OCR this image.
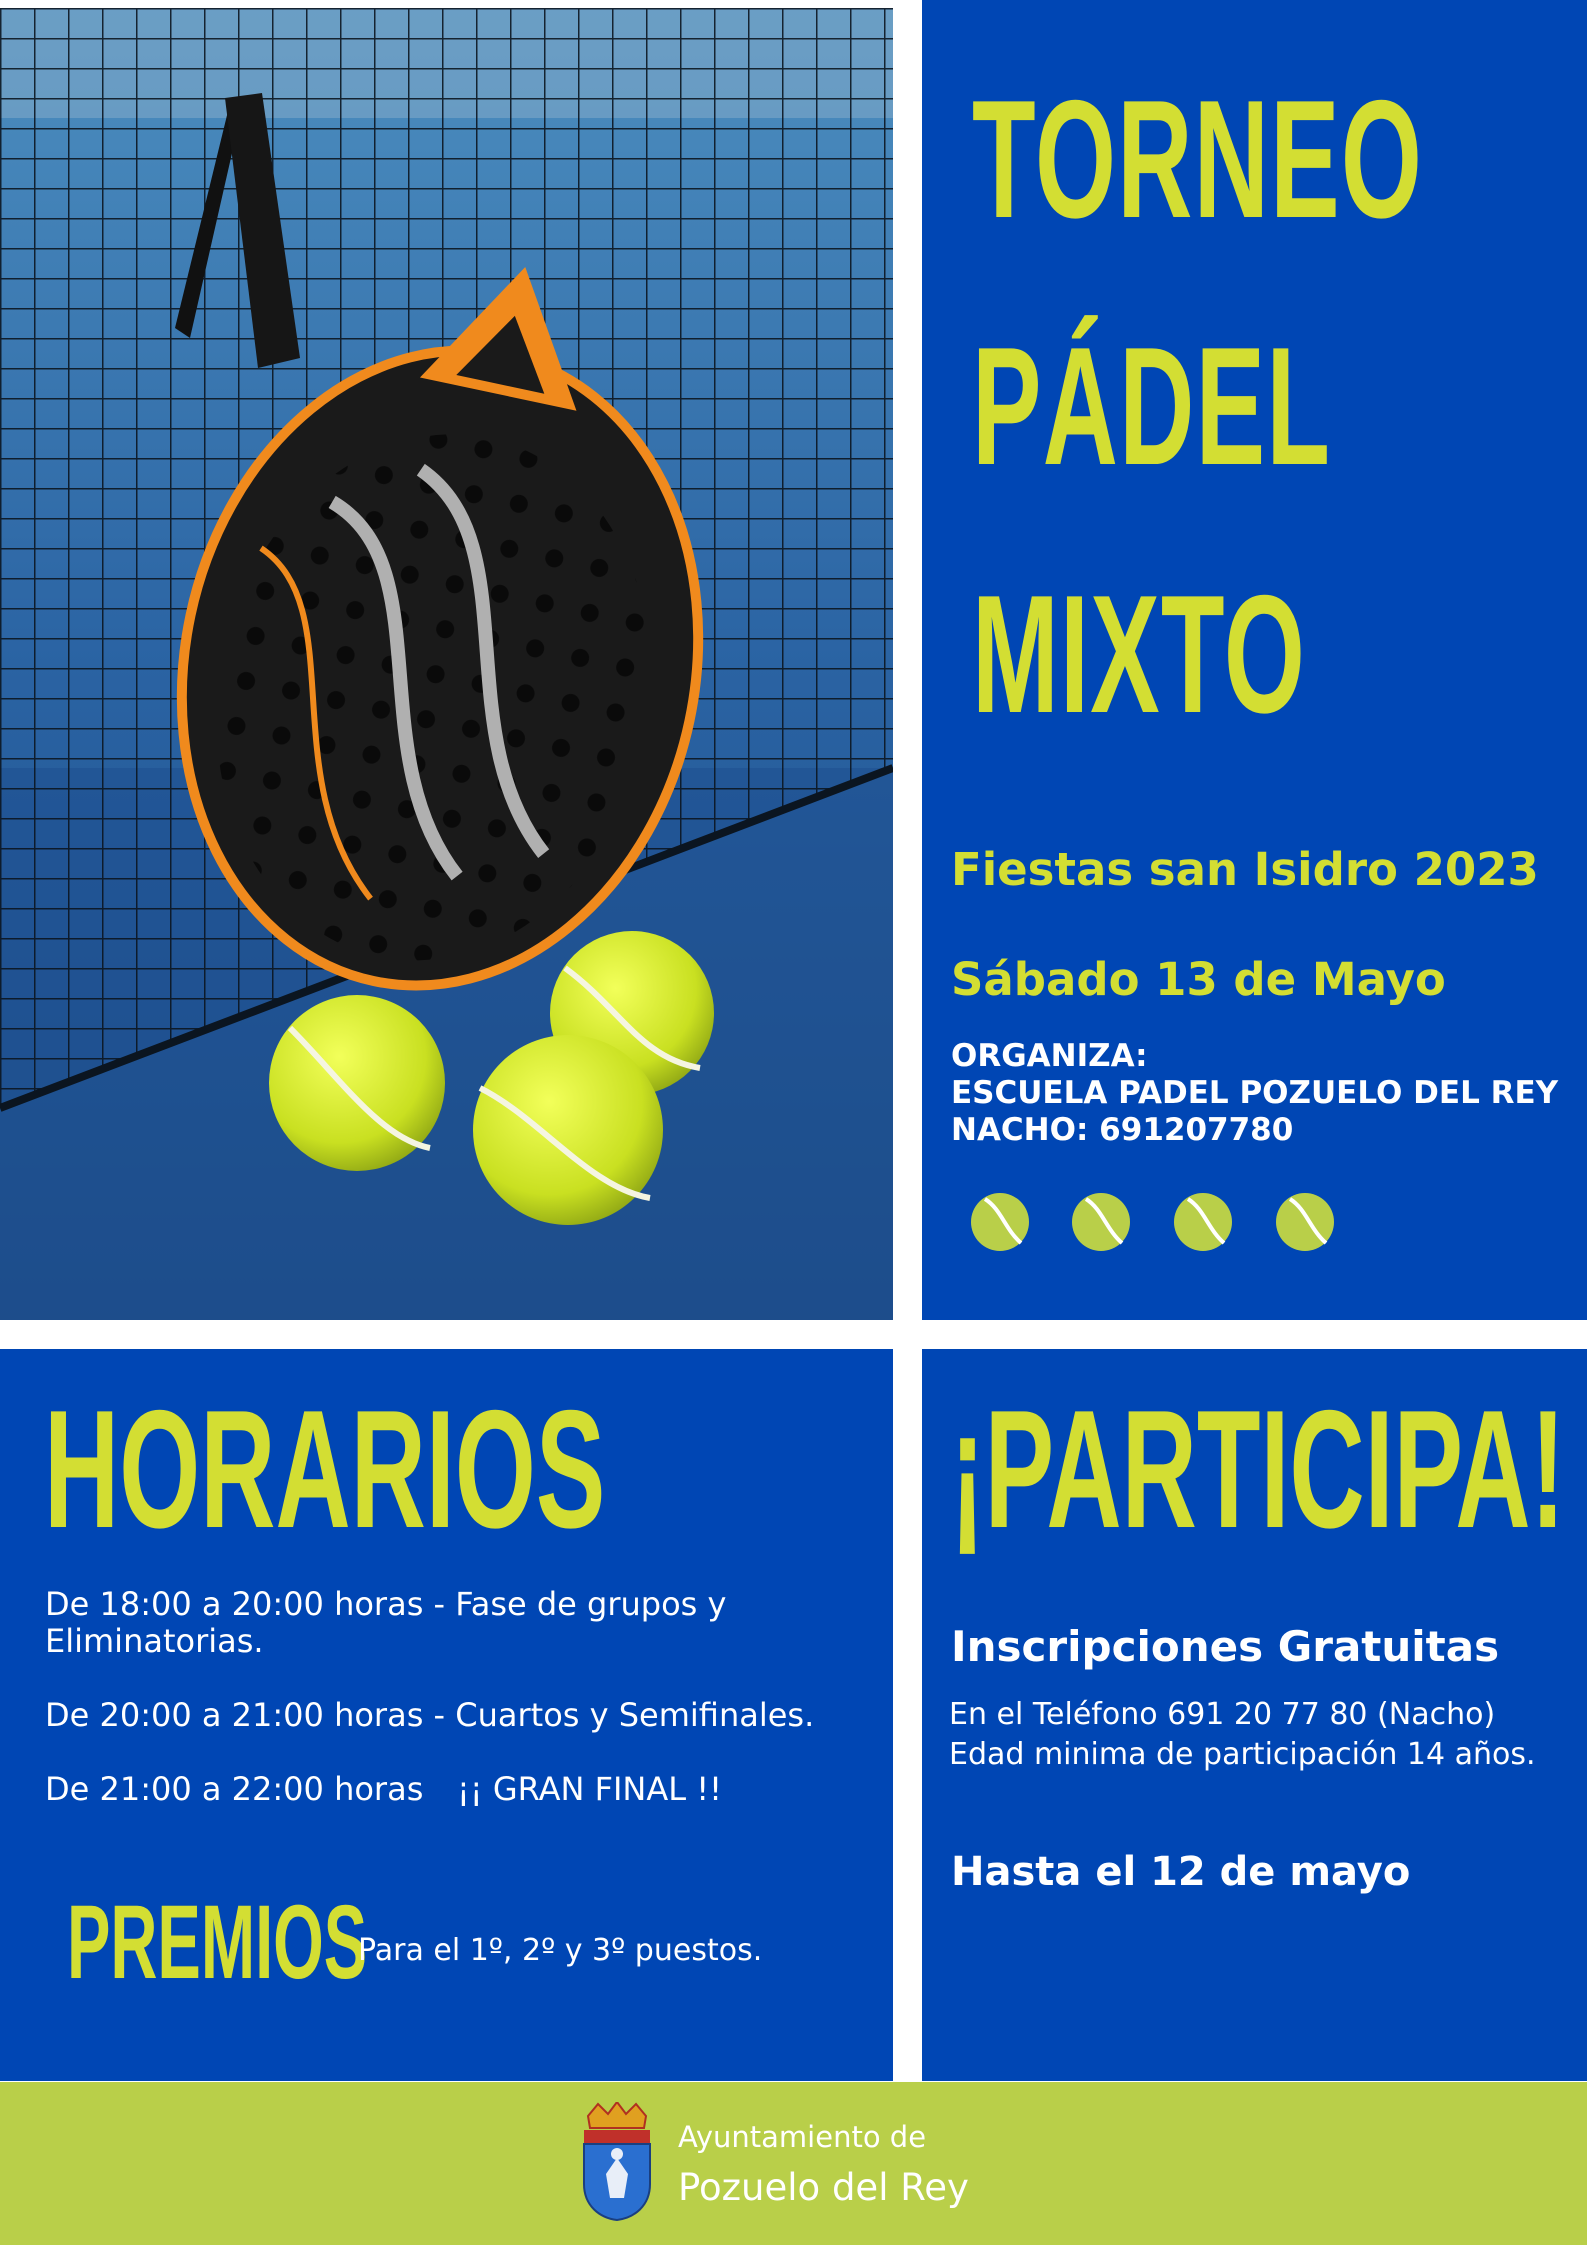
TORNEO
PÁDEL
MIXTO
Fiestas san Isidro 2023
Sábado 13 de Mayo
ORGANIZA:
ESCUELA PADEL POZUELO DEL REY
NACHO: 691207780
HORARIOS
De 18:00 a 20:00 horas - Fase de grupos y
Eliminatorias.
De 20:00 a 21:00 horas - Cuartos y Semifinales.
De 21:00 a 22:00 horas ¡¡ GRAN FINAL !!
PREMIOS
Para el 1º, 2º y 3º puestos.
¡PARTICIPA!
Inscripciones Gratuitas
En el Teléfono 691 20 77 80 (Nacho)
Edad minima de participación 14 años.
Hasta el 12 de mayo
Ayuntamiento de
Pozuelo del Rey
